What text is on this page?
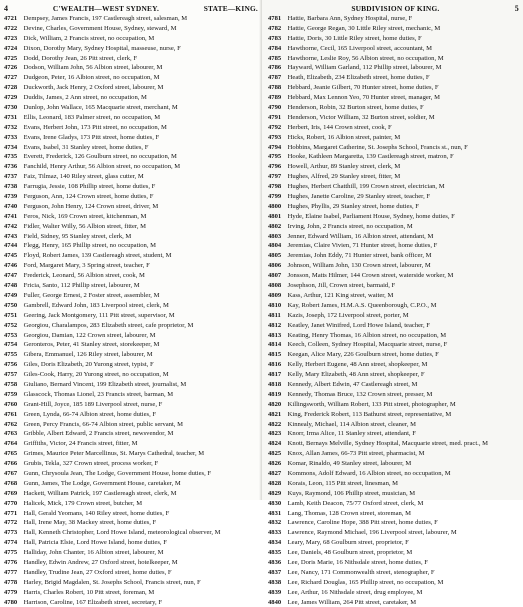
4	C'WEALTH—WEST SYDNEY.	STATE—KING.
4721 Dempsey, James Francis, 197 Castlereagh street, salesman, M
4722 Devine, Charles, Government House, Sydney, steward, M
4723 Dick, William, 2 Francis street, no occupation, M
4724 Dixon, Dorothy Mary, Sydney Hospital, masseuse, nurse, F
4725 Dodd, Dorothy Jean, 26 Pitt street, clerk, F
4726 Dodson, William John, 56 Albion street, labourer, M
4727 Dudgeon, Peter, 16 Albion street, no occupation, M
4728 Duckworth, Jack Henry, 2 Oxford street, labourer, M
4729 Duddis, James, 2 Ann street, no occupation, M
4730 Dunlop, John Wallace, 165 Macquarie street, merchant, M
4731 Ellis, Leonard, 183 Palmer street, no occupation, M
4732 Evans, Herbert John, 173 Pitt street, no occupation, M
4733 Evans, Irene Gladys, 173 Pitt street, home duties, F
4734 Evans, Isabel, 31 Stanley street, home duties, F
4735 Everett, Frederick, 126 Goulburn street, no occupation, M
4736 Fanchild, Henry Arthur, 56 Albion street, no occupation, M
4737 Faiz, Tilmaz, 140 Riley street, glass cutter, M
4738 Farrugia, Jessie, 108 Phillip street, home duties, F
4739 Ferguson, Ann, 124 Crown street, home duties, F
4740 Ferguson, John Henry, 124 Crown street, driver, M
4741 Feros, Nick, 169 Crown street, kitchenman, M
4742 Fidler, Walter Willy, 56 Albion street, fitter, M
4743 Field, Sidney, 95 Stanley street, clerk, M
4744 Flegg, Henry, 165 Phillip street, no occupation, M
4745 Floyd, Robert James, 139 Castlereagh street, student, M
4746 Ford, Margaret Mary, 3 Spring street, teacher, F
4747 Frederick, Leonard, 56 Albion street, cook, M
4748 Fricia, Santo, 112 Phillip street, labourer, M
4749 Fuller, George Ernest, 2 Foster street, assembler, M
4750 Gambrell, Edward John, 183 Liverpool street, clerk, M
4751 Geering, Jack Montgomery, 111 Pitt street, supervisor, M
4752 Georgiou, Charalampos, 283 Elizabeth street, cafe proprietor, M
4753 Georgiou, Damian, 122 Crown street, labourer, M
4754 Geronteros, Peter, 41 Stanley street, storekeeper, M
4755 Gibera, Emmanuel, 126 Riley street, labourer, M
4756 Giles, Doris Elizabeth, 20 Yurong street, typist, F
4757 Giles-Cook, Harry, 20 Yurong street, no occupation, M
4758 Giuliano, Bernard Vincent, 199 Elizabeth street, journalist, M
4759 Glasscock, Thomas Lionel, 23 Francis street, barman, M
4760 Grant-Hill, Joyce, 185 189 Liverpool street, nurse, F
4761 Green, Lynda, 66-74 Albion street, home duties, F
4762 Green, Percy Francis, 66-74 Albion street, public servant, M
4763 Gribble, Albert Edward, 2 Francis street, newsvendor, M
4764 Griffiths, Victor, 24 Francis street, fitter, M
4765 Grimes, Maurice Peter Marcellinus, St. Marys Cathedral, teacher, M
4766 Grubis, Tekla, 327 Crown street, process worker, F
4767 Gunn, Chrysoula Jean, The Lodge, Government House, home duties, F
4768 Gunn, James, The Lodge, Government House, caretaker, M
4769 Hackett, William Patrick, 197 Castlereagh street, clerk, M
4770 Halicek, Mick, 179 Crown street, butcher, M
4771 Hall, Gerald Yeomans, 140 Riley street, home duties, F
4772 Hall, Irene May, 38 Mackey street, home duties, F
4773 Hall, Kenneth Christopher, Lord Howe Island, meteorological observer, M
4774 Hall, Patricia Elsie, Lord Howe Island, home duties, F
4775 Halliday, John Chanter, 16 Albion street, labourer, M
4776 Handley, Edwin Andrew, 27 Oxford street, hotelkeeper, M
4777 Handley, Trudine Jean, 27 Oxford street, home duties, F
4778 Harley, Brigid Magdalen, St. Josephs School, Francis street, nun, F
4779 Harris, Charles Robert, 10 Pitt street, foreman, M
4780 Harrison, Caroline, 167 Elizabeth street, secretary, F
SUBDIVISION OF KING.	5
4781 Hattie, Barbara Ann, Sydney Hospital, nurse, F
4782 Hattie, George Regan, 30 Little Riley street, mechanic, M
4783 Hattie, Doris, 30 Little Riley street, home duties, F
4784 Hawthorne, Cecil, 165 Liverpool street, accountant, M
4785 Hawthorne, Leslie Roy, 56 Albion street, no occupation, M
4786 Hayward, William Garland, 112 Phillip street, labourer, M
4787 Heath, Elizabeth, 234 Elizabeth street, home duties, F
4788 Hebbard, Jeanie Gilbert, 70 Hunter street, home duties, F
4789 Hebbard, Max Lennon Yeo, 70 Hunter street, manager, M
4790 Henderson, Robin, 32 Burton street, home duties, F
4791 Henderson, Victor William, 32 Burton street, soldier, M
4792 Herbert, Iris, 144 Crown street, cook, F
4793 Hicks, Robert, 16 Albion street, painter, M
4794 Hobbins, Margaret Catherine, St. Josephs School, Francis st., nun, F
4795 Hooke, Kathleen Margaretta, 139 Castlereagh street, matron, F
4796 Howell, Arthur, 89 Stanley street, clerk, M
4797 Hughes, Alfred, 29 Stanley street, fitter, M
4798 Hughes, Herbert Chatthill, 199 Crown street, electrician, M
4799 Hughes, Janette Caroline, 29 Stanley street, teacher, F
4800 Hughes, Phyllis, 29 Stanley street, home duties, F
4801 Hyde, Elaine Isabel, Parliament House, Sydney, home duties, F
4802 Irving, John, 2 Francis street, no occupation, M
4803 Jenner, Edward William, 16 Albion street, attendant, M
4804 Jeremias, Claire Vivien, 71 Hunter street, home duties, F
4805 Jeremias, John Eddy, 71 Hunter street, bank officer, M
4806 Johnson, William John, 130 Crown street, labourer, M
4807 Jonsson, Matts Hilmer, 144 Crown street, waterside worker, M
4808 Josephson, Jill, Crown street, barmaid, F
4809 Kass, Arthur, 121 King street, waiter, M
4810 Kay, Robert James, H.M.A.S. Queenborough, C.P.O., M
4811 Kazis, Joseph, 172 Liverpool street, porter, M
4812 Keatley, Janet Winifred, Lord Howe Island, teacher, F
4813 Keating, Henry Thomas, 16 Albion street, no occupation, M
4814 Keech, Colleen, Sydney Hospital, Macquarie street, nurse, F
4815 Keegan, Alice Mary, 226 Goulburn street, home duties, F
4816 Kelly, Herbert Eugene, 48 Ann street, shopkeeper, M
4817 Kelly, Mary Elizabeth, 48 Ann street, shopkeeper, F
4818 Kennedy, Albert Edwin, 47 Castlereagh street, M
4819 Kennedy, Thomas Bruce, 132 Crown street, presser, M
4820 Killingsworth, William Robert, 133 Pitt street, photographer, M
4821 King, Frederick Robert, 113 Bathurst street, representative, M
4822 Kinnealy, Michael, 114 Albion street, cleaner, M
4823 Knorr, Irma Alice, 11 Stanley street, attendant, F
4824 Knott, Bernays Melville, Sydney Hospital, Macquarie street, med. pract., M
4825 Knox, Allan James, 66-73 Pitt street, pharmacist, M
4826 Komar, Rinaldo, 49 Stanley street, labourer, M
4827 Kommons, Adolf Edward, 16 Albion street, no occupation, M
4828 Korais, Leon, 115 Pitt street, linesman, M
4829 Kuys, Raymond, 106 Phillip street, musician, M
4830 Lamb, Keith Deacon, 75/77 Oxford street, clerk, M
4831 Lang, Thomas, 128 Crown street, storeman, M
4832 Lawrence, Caroline Hope, 388 Pitt street, home duties, F
4833 Lawrence, Raymond Michael, 196 Liverpool street, labourer, M
4834 Leary, Mary, 68 Goulburn street, proprietor, F
4835 Lee, Daniels, 48 Goulburn street, proprietor, M
4836 Lee, Doris Marie, 16 Nithsdale street, home duties, F
4837 Lee, Nancy, 171 Commonwealth street, stenographer, F
4838 Lee, Richard Douglas, 165 Phillip street, no occupation, M
4839 Lee, Arthur, 16 Nithsdale street, drug employee, M
4840 Lee, James William, 264 Pitt street, caretaker, M
